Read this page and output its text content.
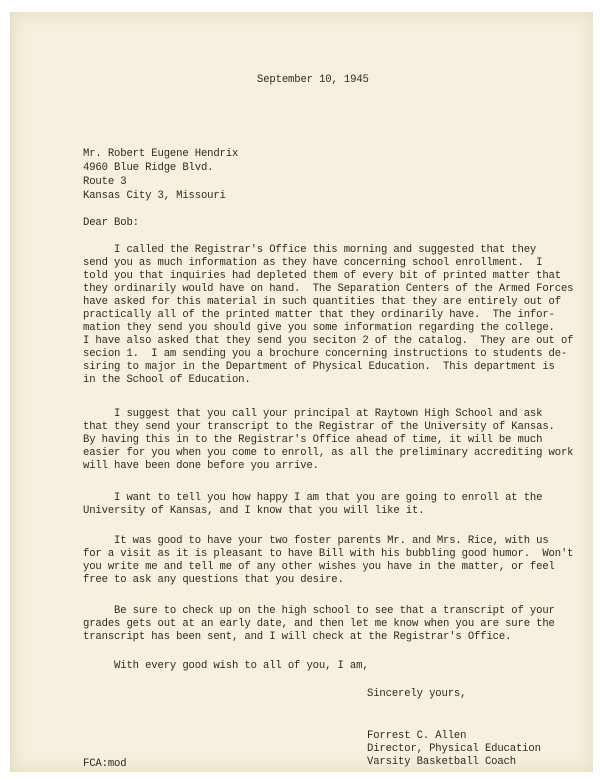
September 10, 1945
Mr. Robert Eugene Hendrix
4960 Blue Ridge Blvd.
Route 3
Kansas City 3, Missouri
Dear Bob:
I called the Registrar's Office this morning and suggested that they
send you as much information as they have concerning school enrollment.  I
told you that inquiries had depleted them of every bit of printed matter that
they ordinarily would have on hand.  The Separation Centers of the Armed Forces
have asked for this material in such quantities that they are entirely out of
practically all of the printed matter that they ordinarily have.  The infor-
mation they send you should give you some information regarding the college.
I have also asked that they send you seciton 2 of the catalog.  They are out of
secion 1.  I am sending you a brochure concerning instructions to students de-
siring to major in the Department of Physical Education.  This department is
in the School of Education.
I suggest that you call your principal at Raytown High School and ask
that they send your transcript to the Registrar of the University of Kansas.
By having this in to the Registrar's Office ahead of time, it will be much
easier for you when you come to enroll, as all the preliminary accrediting work
will have been done before you arrive.
I want to tell you how happy I am that you are going to enroll at the
University of Kansas, and I know that you will like it.
It was good to have your two foster parents Mr. and Mrs. Rice, with us
for a visit as it is pleasant to have Bill with his bubbling good humor.  Won't
you write me and tell me of any other wishes you have in the matter, or feel
free to ask any questions that you desire.
Be sure to check up on the high school to see that a transcript of your
grades gets out at an early date, and then let me know when you are sure the
transcript has been sent, and I will check at the Registrar's Office.
With every good wish to all of you, I am,
Sincerely yours,
Forrest C. Allen
Director, Physical Education
Varsity Basketball Coach
FCA:mod
